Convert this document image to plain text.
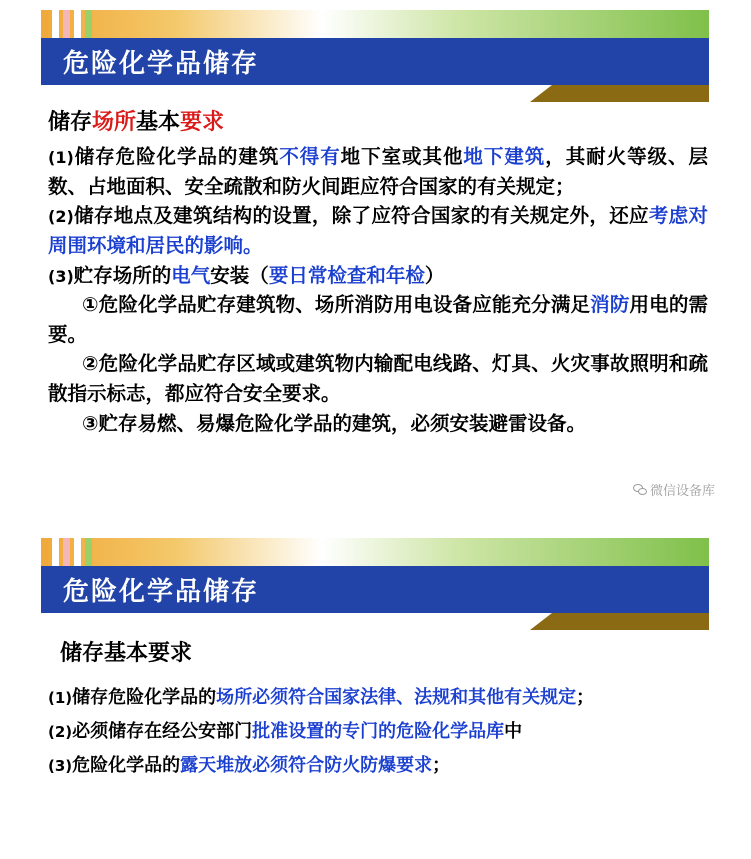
危险化学品储存
储存场所基本要求
(1)储存危险化学品的建筑不得有地下室或其他地下建筑，其耐火等级、层数、占地面积、安全疏散和防火间距应符合国家的有关规定；
(2)储存地点及建筑结构的设置，除了应符合国家的有关规定外，还应考虑对周围环境和居民的影响。
(3)贮存场所的电气安装（要日常检查和年检）
①危险化学品贮存建筑物、场所消防用电设备应能充分满足消防用电的需要。
②危险化学品贮存区域或建筑物内输配电线路、灯具、火灾事故照明和疏散指示标志，都应符合安全要求。
③贮存易燃、易爆危险化学品的建筑，必须安装避雷设备。
微信设备库
危险化学品储存
储存基本要求
(1)储存危险化学品的场所必须符合国家法律、法规和其他有关规定；
(2)必须储存在经公安部门批准设置的专门的危险化学品库中
(3)危险化学品的露天堆放必须符合防火防爆要求；
